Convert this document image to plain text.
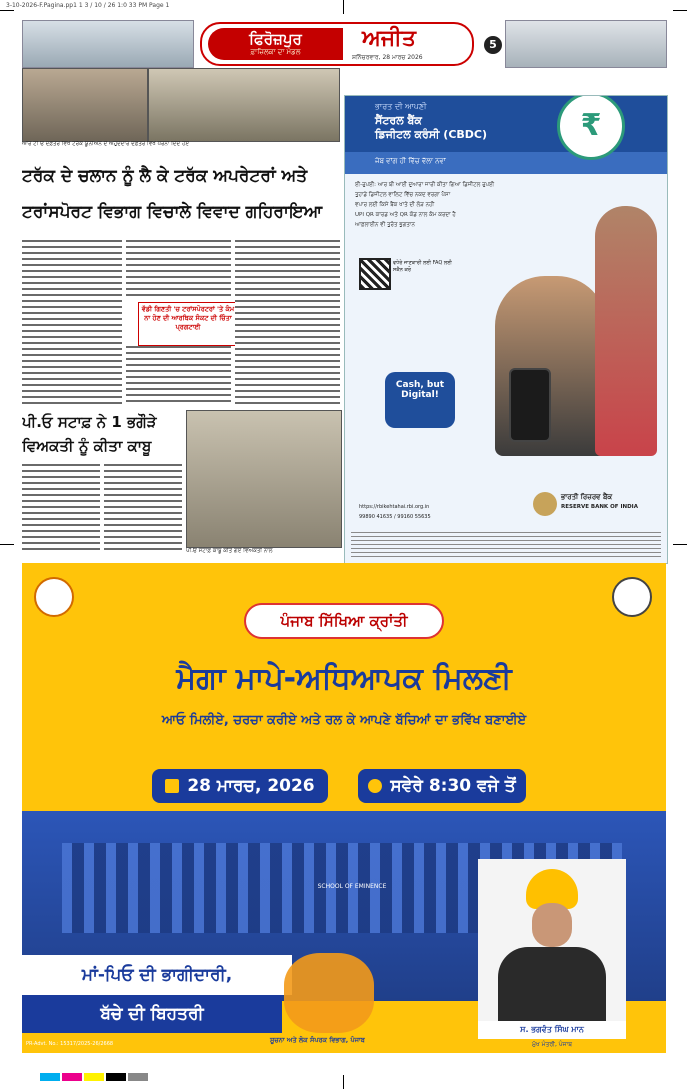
3-10-2026-F.Pagina.pp1 1 3 / 10 / 26 1:0 33 PM Page 1
ਫਿਰੋਜ਼ਪੁਰ
ਫ਼ਾਜ਼ਿਲਕਾ ਦਾ ਮੰਡਲ
ਅਜੀਤ
ਸ਼ਨਿੱਚਰਵਾਰ, 28 ਮਾਰਚ 2026
5
ਆਰ ਟੀ ਓ ਦਫ਼ਤਰ ਵਿਖੇ ਟਰੱਕ ਯੂਨੀਅਨ ਦੇ ਅਹੁਦੇਦਾਰ ਦਫ਼ਤਰ ਵਿਖੇ ਧਰਨਾ ਦਿੰਦੇ ਹੋਏ
ਟਰੱਕ ਦੇ ਚਲਾਨ ਨੂੰ ਲੈ ਕੇ ਟਰੱਕ ਅਪਰੇਟਰਾਂ ਅਤੇ
ਟਰਾਂਸਪੋਰਟ ਵਿਭਾਗ ਵਿਚਾਲੇ ਵਿਵਾਦ ਗਹਿਰਾਇਆ
ਵੱਡੀ ਗਿਣਤੀ 'ਚ ਟਰਾਂਸਪੋਰਟਰਾਂ 'ਤੇ ਕੰਮ ਨਾ ਹੋਣ ਦੀ ਆਰਥਿਕ ਸੰਕਟ ਦੀ ਚਿੰਤਾ ਪ੍ਰਗਟਾਈ
ਪੀ.ਓ ਸਟਾਫ਼ ਨੇ 1 ਭਗੌੜੇ
ਵਿਅਕਤੀ ਨੂੰ ਕੀਤਾ ਕਾਬੂ
ਪੀ.ਓ ਸਟਾਫ਼ ਕਾਬੂ ਕੀਤੇ ਗਏ ਵਿਅਕਤੀ ਨਾਲ
ਭਾਰਤ ਦੀ ਆਪਣੀ
ਸੈਂਟਰਲ ਬੈਂਕ
ਡਿਜੀਟਲ ਕਰੰਸੀ (CBDC)
ਜੇਬ ਵਾਂਗ ਹੀ ਵਿੱਚ ਵੱਲਾ ਨਵਾਂ
₹
ਈ-ਰੁਪਈ: ਆਰ ਬੀ ਆਈ ਦੁਆਰਾ ਜਾਰੀ ਕੀਤਾ ਗਿਆ ਡਿਜੀਟਲ ਰੁਪਈ
ਤੁਹਾਡੇ ਡਿਜੀਟਲ ਵਾਲਿਟ ਵਿੱਚ ਨਕਦ ਵਰਗਾ ਪੈਸਾ
ਵਪਾਰ ਲਈ ਕਿਸੇ ਬੈਂਕ ਖਾਤੇ ਦੀ ਲੋੜ ਨਹੀਂ
UPI QR ਕਾਰਡ ਅਤੇ QR ਕੋਡ ਨਾਲ ਕੰਮ ਕਰਦਾ ਹੈ
ਆਫ਼ਲਾਈਨ ਵੀ ਤੁਰੰਤ ਭੁਗਤਾਨ
ਵਧੇਰੇ ਜਾਣਕਾਰੀ ਲਈ FAQ ਲਈ ਸਕੈਨ ਕਰੋ
Cash, but Digital!
https://rbikehtahai.rbi.org.in
99890 41635 / 99160 55635
ਭਾਰਤੀ ਰਿਜ਼ਰਵ ਬੈਂਕ
RESERVE BANK OF INDIA
ਪੰਜਾਬ ਸਿੱਖਿਆ ਕ੍ਰਾਂਤੀ
ਮੈਗਾ ਮਾਪੇ-ਅਧਿਆਪਕ ਮਿਲਣੀ
ਆਓ ਮਿਲੀਏ, ਚਰਚਾ ਕਰੀਏ ਅਤੇ ਰਲ ਕੇ ਆਪਣੇ ਬੱਚਿਆਂ ਦਾ ਭਵਿੱਖ ਬਣਾਈਏ
28 ਮਾਰਚ, 2026	ਸਵੇਰੇ 8:30 ਵਜੇ ਤੋਂ
SCHOOL OF EMINENCE
ਮਾਂ-ਪਿਓ ਦੀ ਭਾਗੀਦਾਰੀ,
ਬੱਚੇ ਦੀ ਬਿਹਤਰੀ
ਸੂਚਨਾ ਅਤੇ ਲੋਕ ਸੰਪਰਕ ਵਿਭਾਗ, ਪੰਜਾਬ
ਸ. ਭਗਵੰਤ ਸਿੰਘ ਮਾਨ
ਮੁੱਖ ਮੰਤਰੀ, ਪੰਜਾਬ
PR-Advt. No.: 15317/2025-26/2668
